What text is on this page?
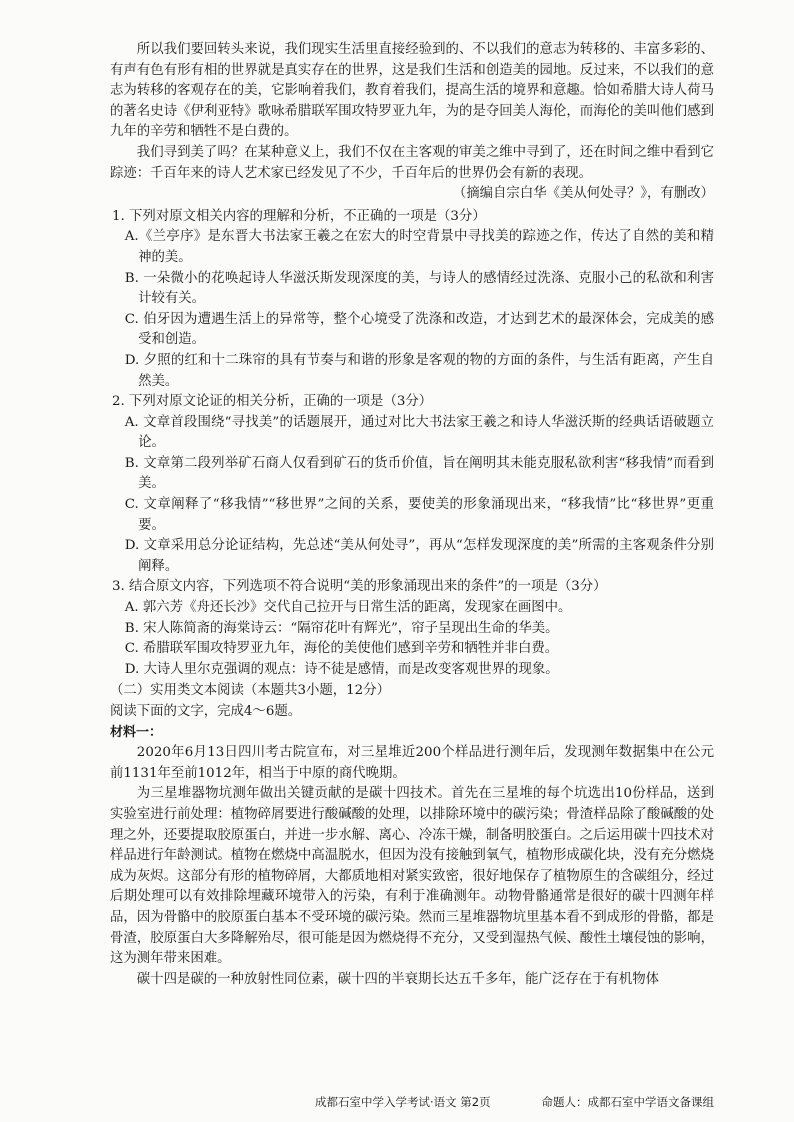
所以我们要回转头来说，我们现实生活里直接经验到的、不以我们的意志为转移的、丰富多彩的、有声有色有形有相的世界就是真实存在的世界，这是我们生活和创造美的园地。反过来，不以我们的意志为转移的客观存在的美，它影响着我们，教育着我们，提高生活的境界和意趣。恰如希腊大诗人荷马的著名史诗《伊利亚特》歌咏希腊联军围攻特罗亚九年，为的是夺回美人海伦，而海伦的美叫他们感到九年的辛劳和牺牲不是白费的。

我们寻到美了吗？在某种意义上，我们不仅在主客观的审美之维中寻到了，还在时间之维中看到它踪迹：千百年来的诗人艺术家已经发见了不少，千百年后的世界仍会有新的表现。

（摘编自宗白华《美从何处寻？》，有删改）

1. 下列对原文相关内容的理解和分析，不正确的一项是（3分）

A.《兰亭序》是东晋大书法家王羲之在宏大的时空背景中寻找美的踪迹之作，传达了自然的美和精神的美。

B. 一朵微小的花唤起诗人华滋沃斯发现深度的美，与诗人的感情经过洗涤、克服小己的私欲和利害计较有关。

C. 伯牙因为遭遇生活上的异常等，整个心境受了洗涤和改造，才达到艺术的最深体会，完成美的感受和创造。

D. 夕照的红和十二珠帘的具有节奏与和谐的形象是客观的物的方面的条件，与生活有距离，产生自然美。

2. 下列对原文论证的相关分析，正确的一项是（3分）

A. 文章首段围绕“寻找美”的话题展开，通过对比大书法家王羲之和诗人华滋沃斯的经典话语破题立论。

B. 文章第二段列举矿石商人仅看到矿石的货币价值，旨在阐明其未能克服私欲利害“移我情”而看到美。

C. 文章阐释了“移我情”“移世界”之间的关系，要使美的形象涌现出来，“移我情”比“移世界”更重要。

D. 文章采用总分论证结构，先总述“美从何处寻”，再从“怎样发现深度的美”所需的主客观条件分别阐释。

3. 结合原文内容，下列选项不符合说明“美的形象涌现出来的条件”的一项是（3分）

A. 郭六芳《舟还长沙》交代自己拉开与日常生活的距离，发现家在画图中。

B. 宋人陈简斋的海棠诗云：“隔帘花叶有辉光”，帘子呈现出生命的华美。

C. 希腊联军围攻特罗亚九年，海伦的美使他们感到辛劳和牺牲并非白费。

D. 大诗人里尔克强调的观点：诗不徒是感情，而是改变客观世界的现象。

（二）实用类文本阅读（本题共3小题，12分）

阅读下面的文字，完成4～6题。

材料一：

2020年6月13日四川考古院宣布，对三星堆近200个样品进行测年后，发现测年数据集中在公元前1131年至前1012年，相当于中原的商代晚期。

为三星堆器物坑测年做出关键贡献的是碳十四技术。首先在三星堆的每个坑选出10份样品，送到实验室进行前处理：植物碎屑要进行酸碱酸的处理，以排除环境中的碳污染；骨渣样品除了酸碱酸的处理之外，还要提取胶原蛋白，并进一步水解、离心、冷冻干燥，制备明胶蛋白。之后运用碳十四技术对样品进行年龄测试。植物在燃烧中高温脱水，但因为没有接触到氧气，植物形成碳化块，没有充分燃烧成为灰烬。这部分有形的植物碎屑，大都质地相对紧实致密，很好地保存了植物原生的含碳组分，经过后期处理可以有效排除埋藏环境带入的污染，有利于准确测年。动物骨骼通常是很好的碳十四测年样品，因为骨骼中的胶原蛋白基本不受环境的碳污染。然而三星堆器物坑里基本看不到成形的骨骼，都是骨渣，胶原蛋白大多降解殆尽，很可能是因为燃烧得不充分，又受到湿热气候、酸性土壤侵蚀的影响，这为测年带来困难。

碳十四是碳的一种放射性同位素，碳十四的半衰期长达五千多年，能广泛存在于有机物体

成都石室中学入学考试·语文 第2页	命题人：成都石室中学语文备课组
